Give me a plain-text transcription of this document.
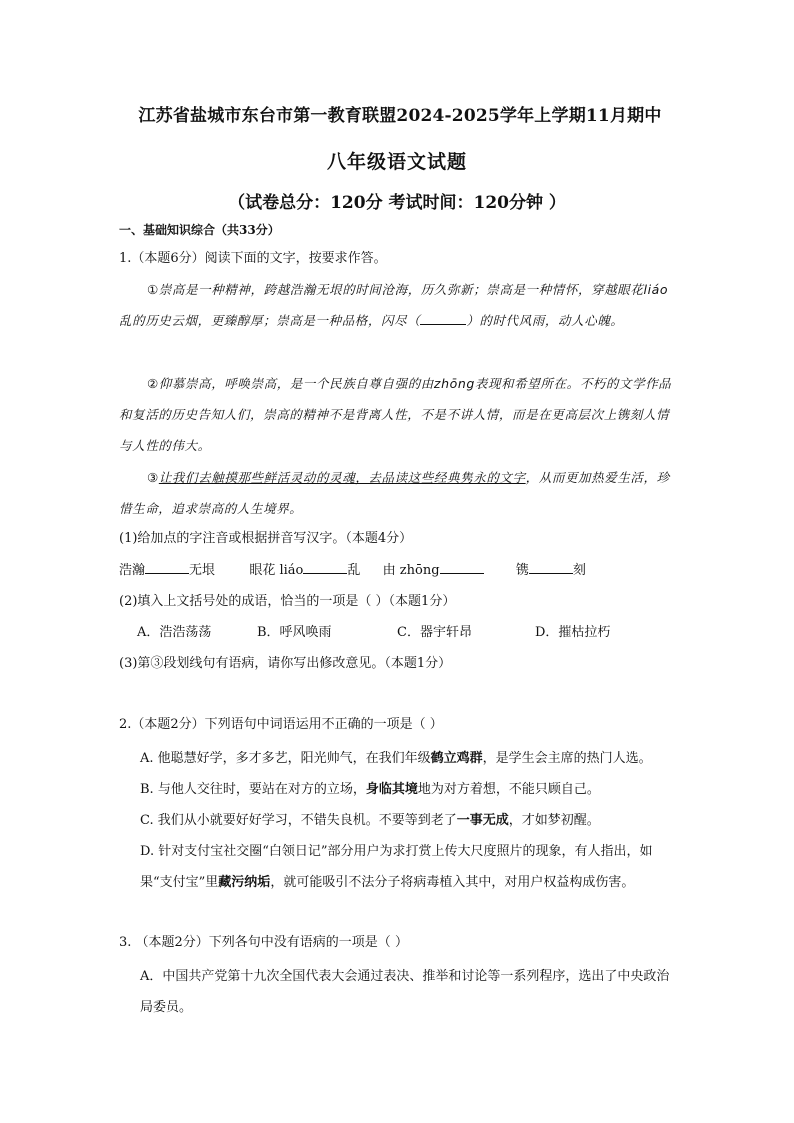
江苏省盐城市东台市第一教育联盟2024-2025学年上学期11月期中
八年级语文试题
（试卷总分：120分 考试时间：120分钟 ）
一、基础知识综合（共33分）
1.（本题6分）阅读下面的文字，按要求作答。
①崇高是一种精神，跨越浩瀚无垠的时间沧海，历久弥新；崇高是一种情怀，穿越眼花liáo乱的历史云烟，更臻醇厚；崇高是一种品格，闪尽（	）的时代风雨，动人心魄。
②仰慕崇高，呼唤崇高，是一个民族自尊自强的由zhōng表现和希望所在。不朽的文学作品和复活的历史告知人们，崇高的精神不是背离人性，不是不讲人情，而是在更高层次上镌刻人情与人性的伟大。
③让我们去触摸那些鲜活灵动的灵魂，去品读这些经典隽永的文字，从而更加热爱生活，珍惜生命，追求崇高的人生境界。
(1)给加点的字注音或根据拼音写汉字。（本题4分）
浩瀚	无垠	眼花 liáo	乱 由 zhōng	镌	刻
(2)填入上文括号处的成语，恰当的一项是（ ）（本题1分）
A．浩浩荡荡	B．呼风唤雨	C．器宇轩昂	D．摧枯拉朽
(3)第③段划线句有语病，请你写出修改意见。（本题1分）
2.（本题2分）下列语句中词语运用不正确的一项是（ ）
A. 他聪慧好学，多才多艺，阳光帅气，在我们年级鹤立鸡群，是学生会主席的热门人选。
B. 与他人交往时，要站在对方的立场，身临其境地为对方着想，不能只顾自己。
C. 我们从小就要好好学习，不错失良机。不要等到老了一事无成，才如梦初醒。
D. 针对支付宝社交圈“白领日记”部分用户为求打赏上传大尺度照片的现象，有人指出，如果“支付宝”里藏污纳垢，就可能吸引不法分子将病毒植入其中，对用户权益构成伤害。
3. （本题2分）下列各句中没有语病的一项是（ ）
A．中国共产党第十九次全国代表大会通过表决、推举和讨论等一系列程序，选出了中央政治局委员。
